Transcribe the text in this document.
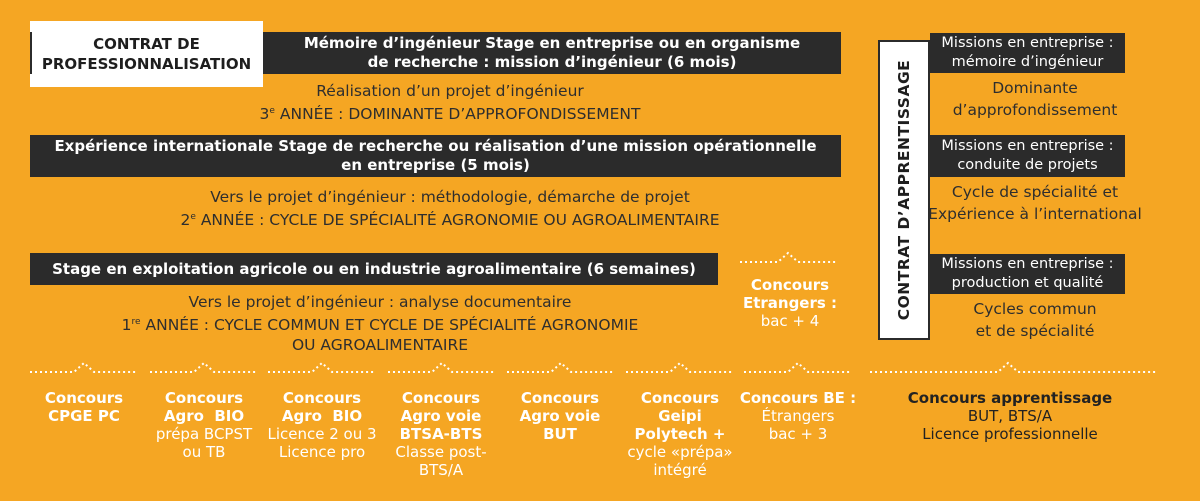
CONTRAT DE
PROFESSIONNALISATION
Mémoire d’ingénieur Stage en entreprise ou en organisme
de recherche : mission d’ingénieur (6 mois)
Réalisation d’un projet d’ingénieur
3e ANNÉE : DOMINANTE D’APPROFONDISSEMENT
Expérience internationale Stage de recherche ou réalisation d’une mission opérationnelle
en entreprise (5 mois)
Vers le projet d’ingénieur : méthodologie, démarche de projet
2e ANNÉE : CYCLE DE SPÉCIALITÉ AGRONOMIE OU AGROALIMENTAIRE
Stage en exploitation agricole ou en industrie agroalimentaire (6 semaines)
Vers le projet d’ingénieur : analyse documentaire
1re ANNÉE : CYCLE COMMUN ET CYCLE DE SPÉCIALITÉ AGRONOMIE
OU AGROALIMENTAIRE
Concours
Etrangers :
bac + 4
CONTRAT D’APPRENTISSAGE
Missions en entreprise :
mémoire d’ingénieur
Dominante
d’approfondissement
Missions en entreprise :
conduite de projets
Cycle de spécialité et
Expérience à l’international
Missions en entreprise :
production et qualité
Cycles commun
et de spécialité
Concours
CPGE PC
Concours
Agro  BIO
prépa BCPST
ou TB
Concours
Agro  BIO
Licence 2 ou 3
Licence pro
Concours
Agro voie
BTSA-BTS
Classe post-
BTS/A
Concours
Agro voie
BUT
Concours
Geipi
Polytech +
cycle «prépa»
intégré
Concours BE :
Étrangers
bac + 3
Concours apprentissage
BUT, BTS/A
Licence professionnelle
